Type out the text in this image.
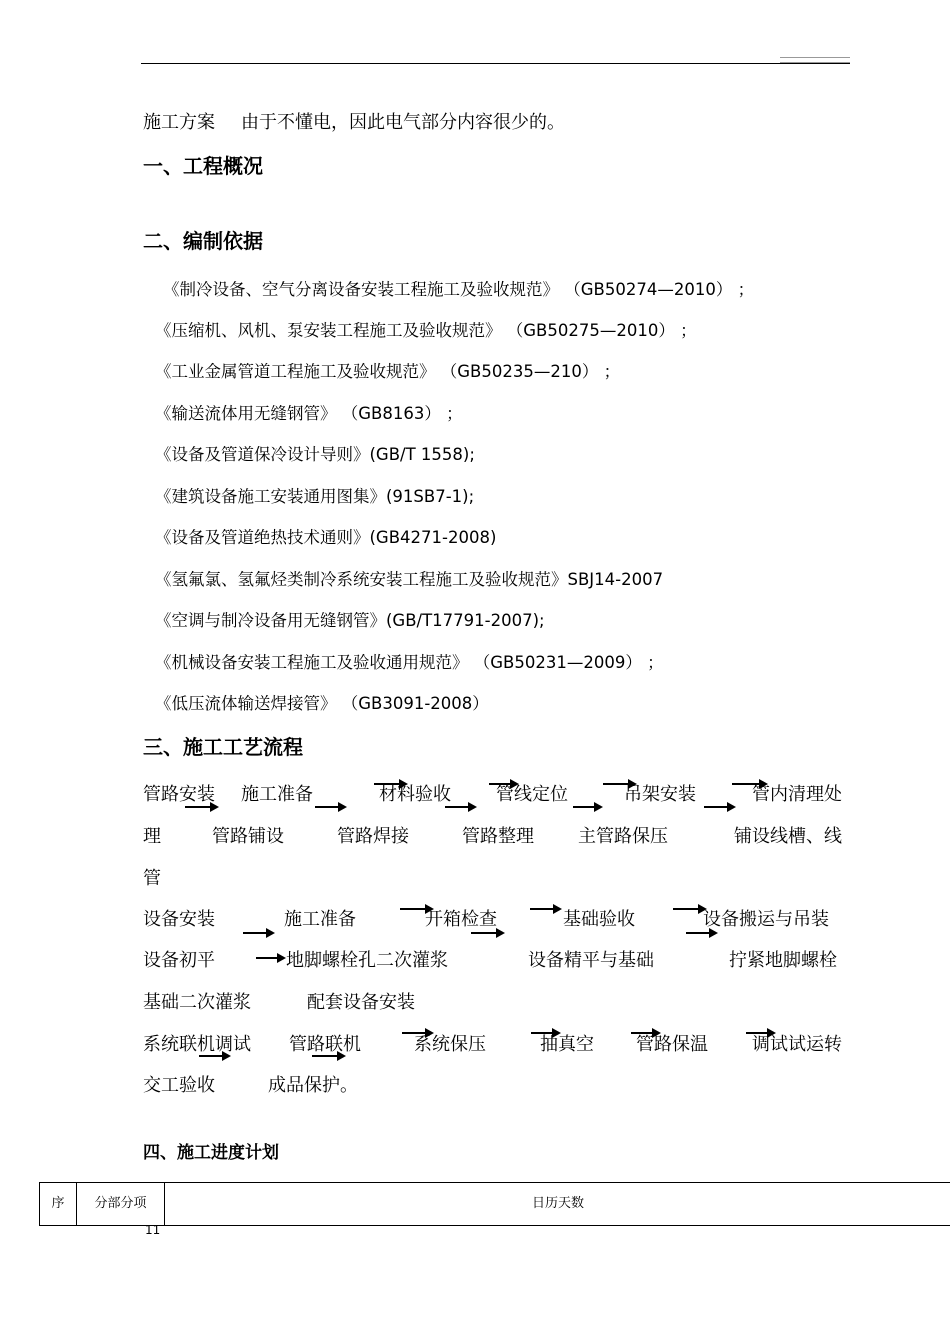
施工方案 由于不懂电，因此电气部分内容很少的。
一、工程概况
二、编制依据
《制冷设备、空气分离设备安装工程施工及验收规范》 （GB50274—2010） ；
《压缩机、风机、泵安装工程施工及验收规范》 （GB50275—2010） ；
《工业金属管道工程施工及验收规范》 （GB50235—210） ；
《输送流体用无缝钢管》 （GB8163） ；
《设备及管道保冷设计导则》(GB/T 1558);
《建筑设备施工安装通用图集》(91SB7-1);
《设备及管道绝热技术通则》(GB4271-2008)
《氢氟氯、氢氟烃类制冷系统安装工程施工及验收规范》SBJ14-2007
《空调与制冷设备用无缝钢管》(GB/T17791-2007);
《机械设备安装工程施工及验收通用规范》 （GB50231—2009） ；
《低压流体输送焊接管》 （GB3091-2008）
三、施工工艺流程
管路安装 施工准备	材料验收	管线定位	吊架安装	管内清理处
理	管路铺设	管路焊接	管路整理 主管路保压	铺设线槽、线
管
设备安装	施工准备	开箱检查	基础验收	设备搬运与吊装
设备初平	地脚螺栓孔二次灌浆	设备精平与基础	拧紧地脚螺栓
基础二次灌浆	配套设备安装
系统联机调试 管路联机	系统保压	抽真空 管路保温 调试试运转
交工验收	成品保护。
四、施工进度计划
序	分部分项	日历天数
11
